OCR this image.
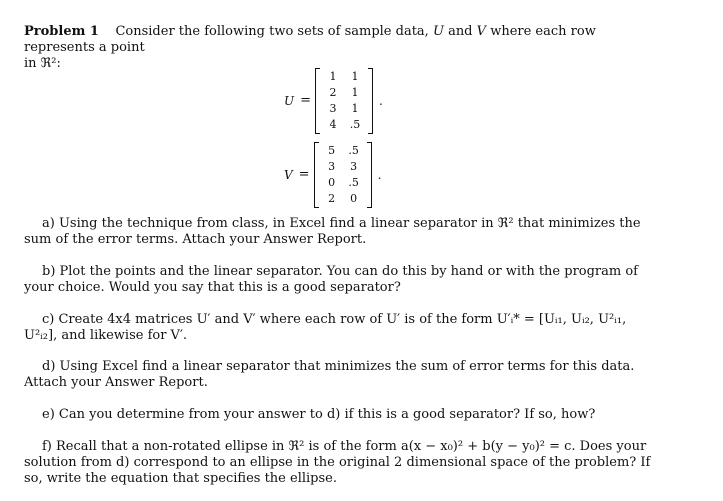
Problem 1 Consider the following two sets of sample data, U and V where each row represents a point
in ℜ²:
U =
1	1
2	1
3	1
4	.5
.
V =
5	.5
3	3
0	.5
2	0
.
a) Using the technique from class, in Excel find a linear separator in ℜ² that minimizes the sum of the error terms. Attach your Answer Report.
b) Plot the points and the linear separator. You can do this by hand or with the program of your choice. Would you say that this is a good separator?
c) Create 4x4 matrices U′ and V′ where each row of U′ is of the form U′ᵢ* = [Uᵢ₁, Uᵢ₂, U²ᵢ₁, U²ᵢ₂], and likewise for V′.
d) Using Excel find a linear separator that minimizes the sum of error terms for this data. Attach your Answer Report.
e) Can you determine from your answer to d) if this is a good separator? If so, how?
f) Recall that a non-rotated ellipse in ℜ² is of the form a(x − x₀)² + b(y − y₀)² = c. Does your solution from d) correspond to an ellipse in the original 2 dimensional space of the problem? If so, write the equation that specifies the ellipse.
